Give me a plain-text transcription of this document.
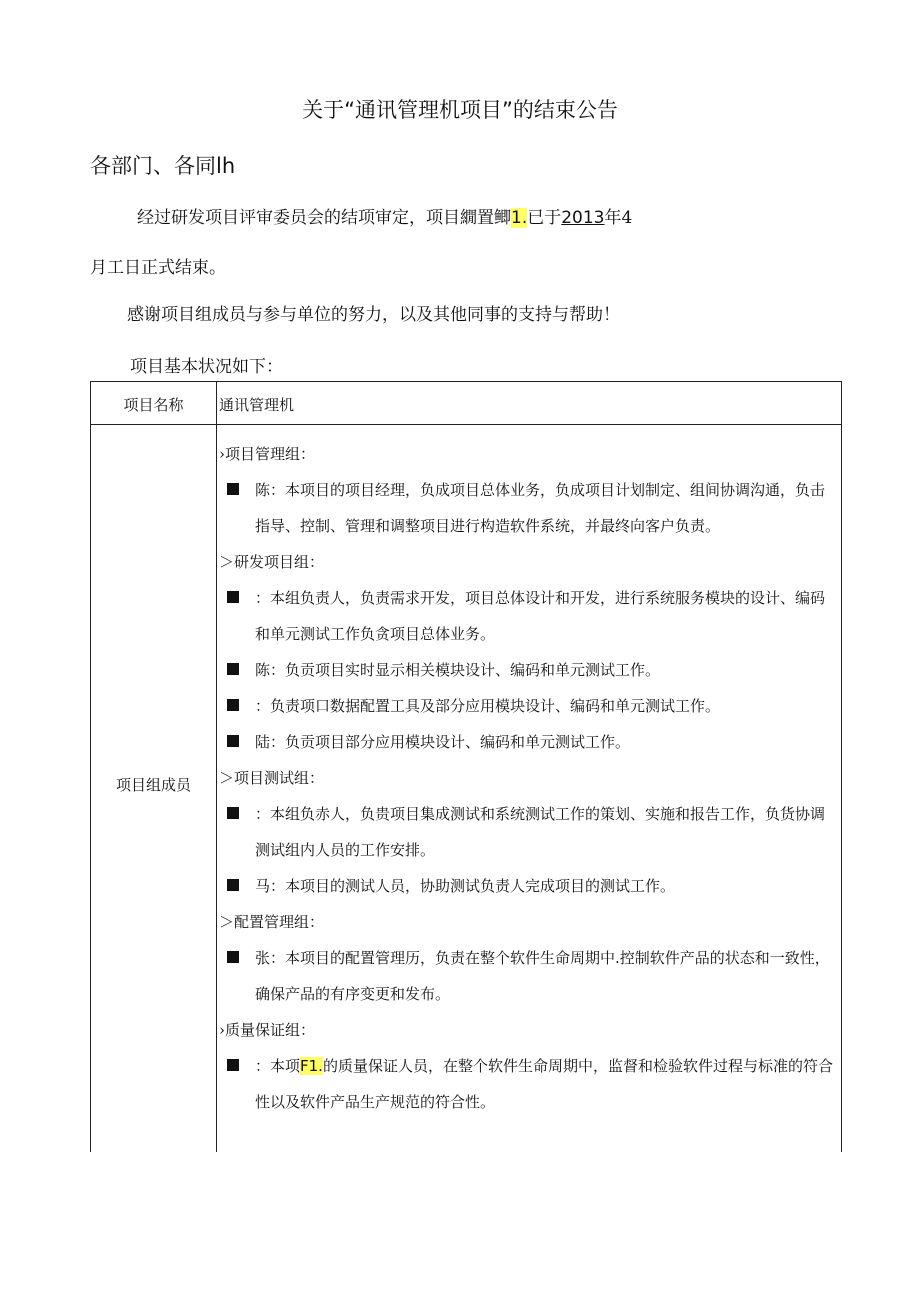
关于“通讯管理机项目”的结束公告
各部门、各同lh
经过研发项目评审委员会的结项审定，项目繝置鲫1.已于2013年4
月工日正式结束。
感谢项目组成员与参与单位的努力，以及其他同事的支持与帮助！
项目基本状况如下：
项目名称	通讯管理机
项目组成员
›项目管理组：
陈：本项目的项目经理，负成项目总体业务，负成项目计划制定、组间协调沟通，负击指导、控制、管理和调整项目进行构造软件系统，并最终向客户负责。
＞研发项目组：
：本组负责人，负责需求开发，项目总体设计和开发，进行系统服务模块的设计、编码和单元测试工作负贪项目总体业务。
陈：负贡项目实时显示相关模块设计、编码和单元测试工作。
：负责项口数据配置工具及部分应用模块设计、编码和单元测试工作。
陆：负贡项目部分应用模块设计、编码和单元测试工作。
＞项目测试组：
：本组负赤人，负贵项目集成测试和系统测试工作的策划、实施和报告工作，负货协调测试组内人员的工作安排。
马：本项目的测试人员，协助测试负责人完成项目的测试工作。
＞配置管理组：
张：本项目的配置管理历，负责在整个软件生命周期中.控制软件产品的状态和一致性，确保产品的有序变更和发布。
›质量保证组：
：本项F1.的质量保证人员，在整个软件生命周期中，监督和检验软件过程与标准的符合性以及软件产品生产规范的符合性。
